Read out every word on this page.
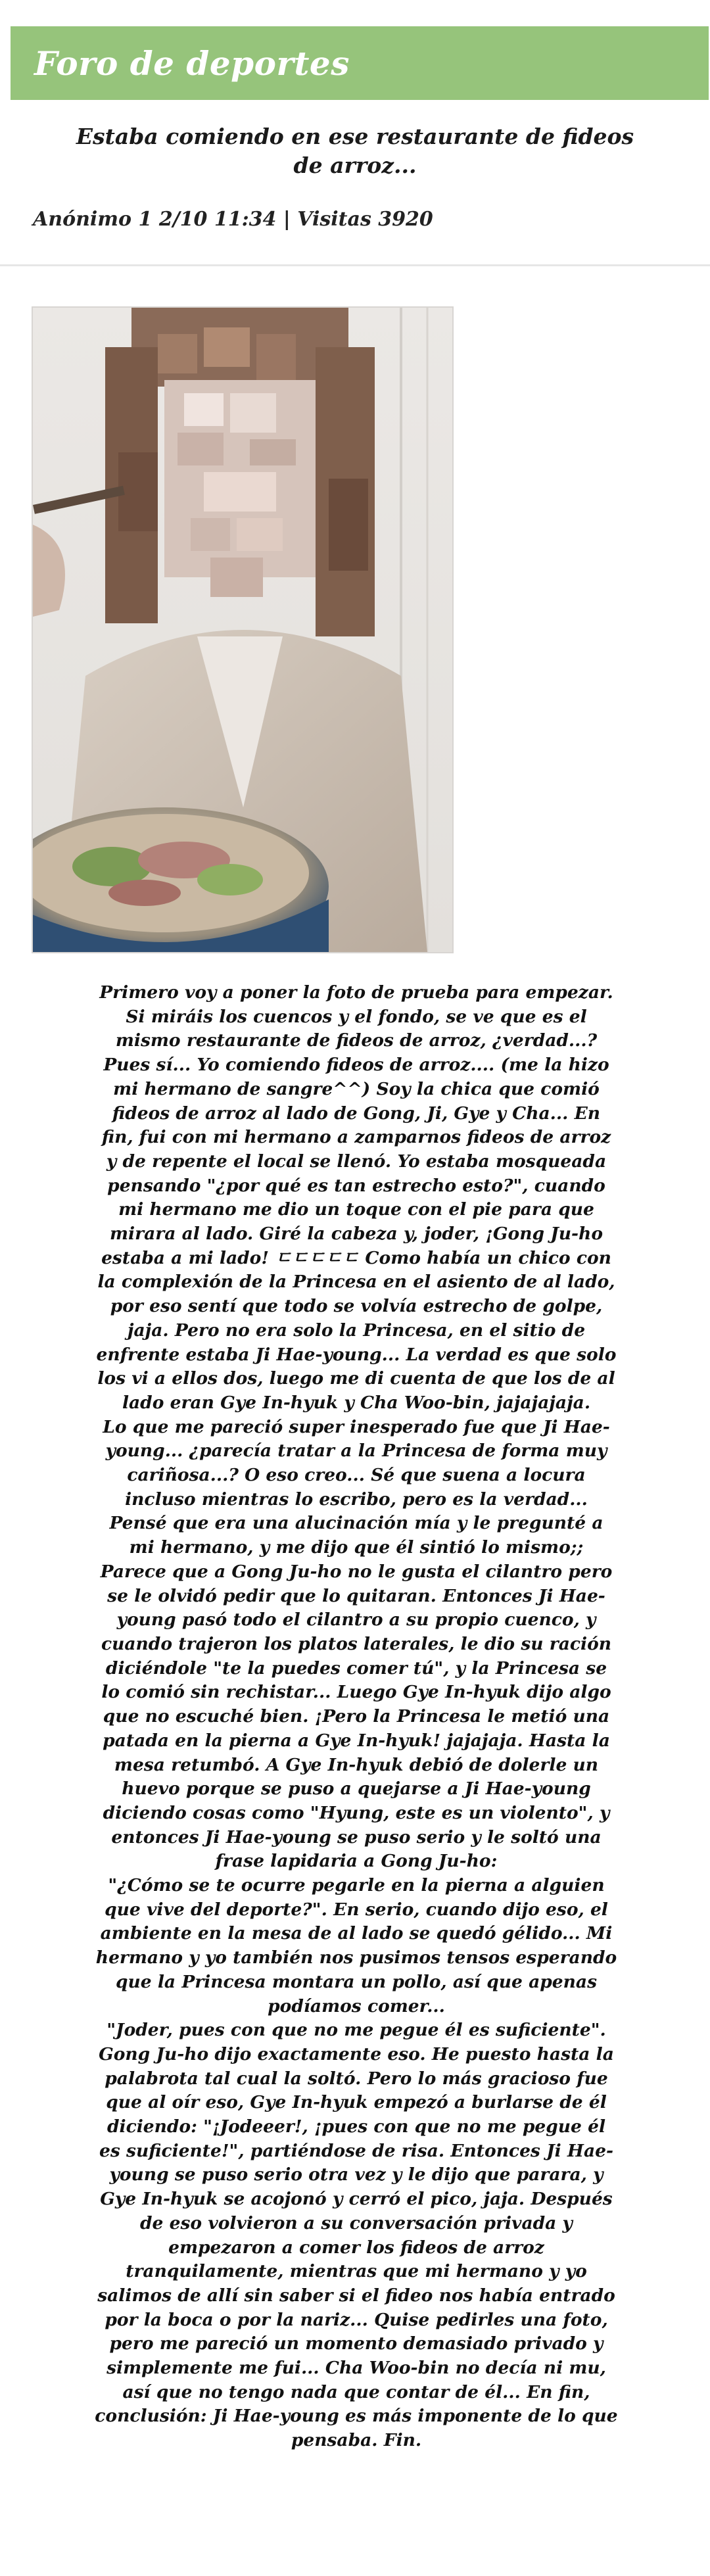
Foro de deportes
Estaba comiendo en ese restaurante de fideos de arroz...
Anónimo 1 2/10 11:34 | Visitas 3920

Primero voy a poner la foto de prueba para empezar. Si miráis los cuencos y el fondo, se ve que es el mismo restaurante de fideos de arroz, ¿verdad...? Pues sí... Yo comiendo fideos de arroz.... (me la hizo mi hermano de sangre^^) Soy la chica que comió fideos de arroz al lado de Gong, Ji, Gye y Cha... En fin, fui con mi hermano a zamparnos fideos de arroz y de repente el local se llenó. Yo estaba mosqueada pensando "¿por qué es tan estrecho esto?", cuando mi hermano me dio un toque con el pie para que mirara al lado. Giré la cabeza y, joder, ¡Gong Ju-ho estaba a mi lado! ㄷㄷㄷㄷㄷ Como había un chico con la complexión de la Princesa en el asiento de al lado, por eso sentí que todo se volvía estrecho de golpe, jaja. Pero no era solo la Princesa, en el sitio de enfrente estaba Ji Hae-young... La verdad es que solo los vi a ellos dos, luego me di cuenta de que los de al lado eran Gye In-hyuk y Cha Woo-bin, jajajajaja.

Lo que me pareció super inesperado fue que Ji Hae-young... ¿parecía tratar a la Princesa de forma muy cariñosa...? O eso creo... Sé que suena a locura incluso mientras lo escribo, pero es la verdad... Pensé que era una alucinación mía y le pregunté a mi hermano, y me dijo que él sintió lo mismo;; Parece que a Gong Ju-ho no le gusta el cilantro pero se le olvidó pedir que lo quitaran. Entonces Ji Hae-young pasó todo el cilantro a su propio cuenco, y cuando trajeron los platos laterales, le dio su ración diciéndole "te la puedes comer tú", y la Princesa se lo comió sin rechistar... Luego Gye In-hyuk dijo algo que no escuché bien. ¡Pero la Princesa le metió una patada en la pierna a Gye In-hyuk! jajajaja. Hasta la mesa retumbó. A Gye In-hyuk debió de dolerle un huevo porque se puso a quejarse a Ji Hae-young diciendo cosas como "Hyung, este es un violento", y entonces Ji Hae-young se puso serio y le soltó una frase lapidaria a Gong Ju-ho:

"¿Cómo se te ocurre pegarle en la pierna a alguien que vive del deporte?". En serio, cuando dijo eso, el ambiente en la mesa de al lado se quedó gélido... Mi hermano y yo también nos pusimos tensos esperando que la Princesa montara un pollo, así que apenas podíamos comer...

"Joder, pues con que no me pegue él es suficiente". Gong Ju-ho dijo exactamente eso. He puesto hasta la palabrota tal cual la soltó. Pero lo más gracioso fue que al oír eso, Gye In-hyuk empezó a burlarse de él diciendo: "¡Jodeeer!, ¡pues con que no me pegue él es suficiente!", partiéndose de risa. Entonces Ji Hae-young se puso serio otra vez y le dijo que parara, y Gye In-hyuk se acojonó y cerró el pico, jaja. Después de eso volvieron a su conversación privada y empezaron a comer los fideos de arroz tranquilamente, mientras que mi hermano y yo salimos de allí sin saber si el fideo nos había entrado por la boca o por la nariz... Quise pedirles una foto, pero me pareció un momento demasiado privado y simplemente me fui... Cha Woo-bin no decía ni mu, así que no tengo nada que contar de él... En fin, conclusión: Ji Hae-young es más imponente de lo que pensaba. Fin.
